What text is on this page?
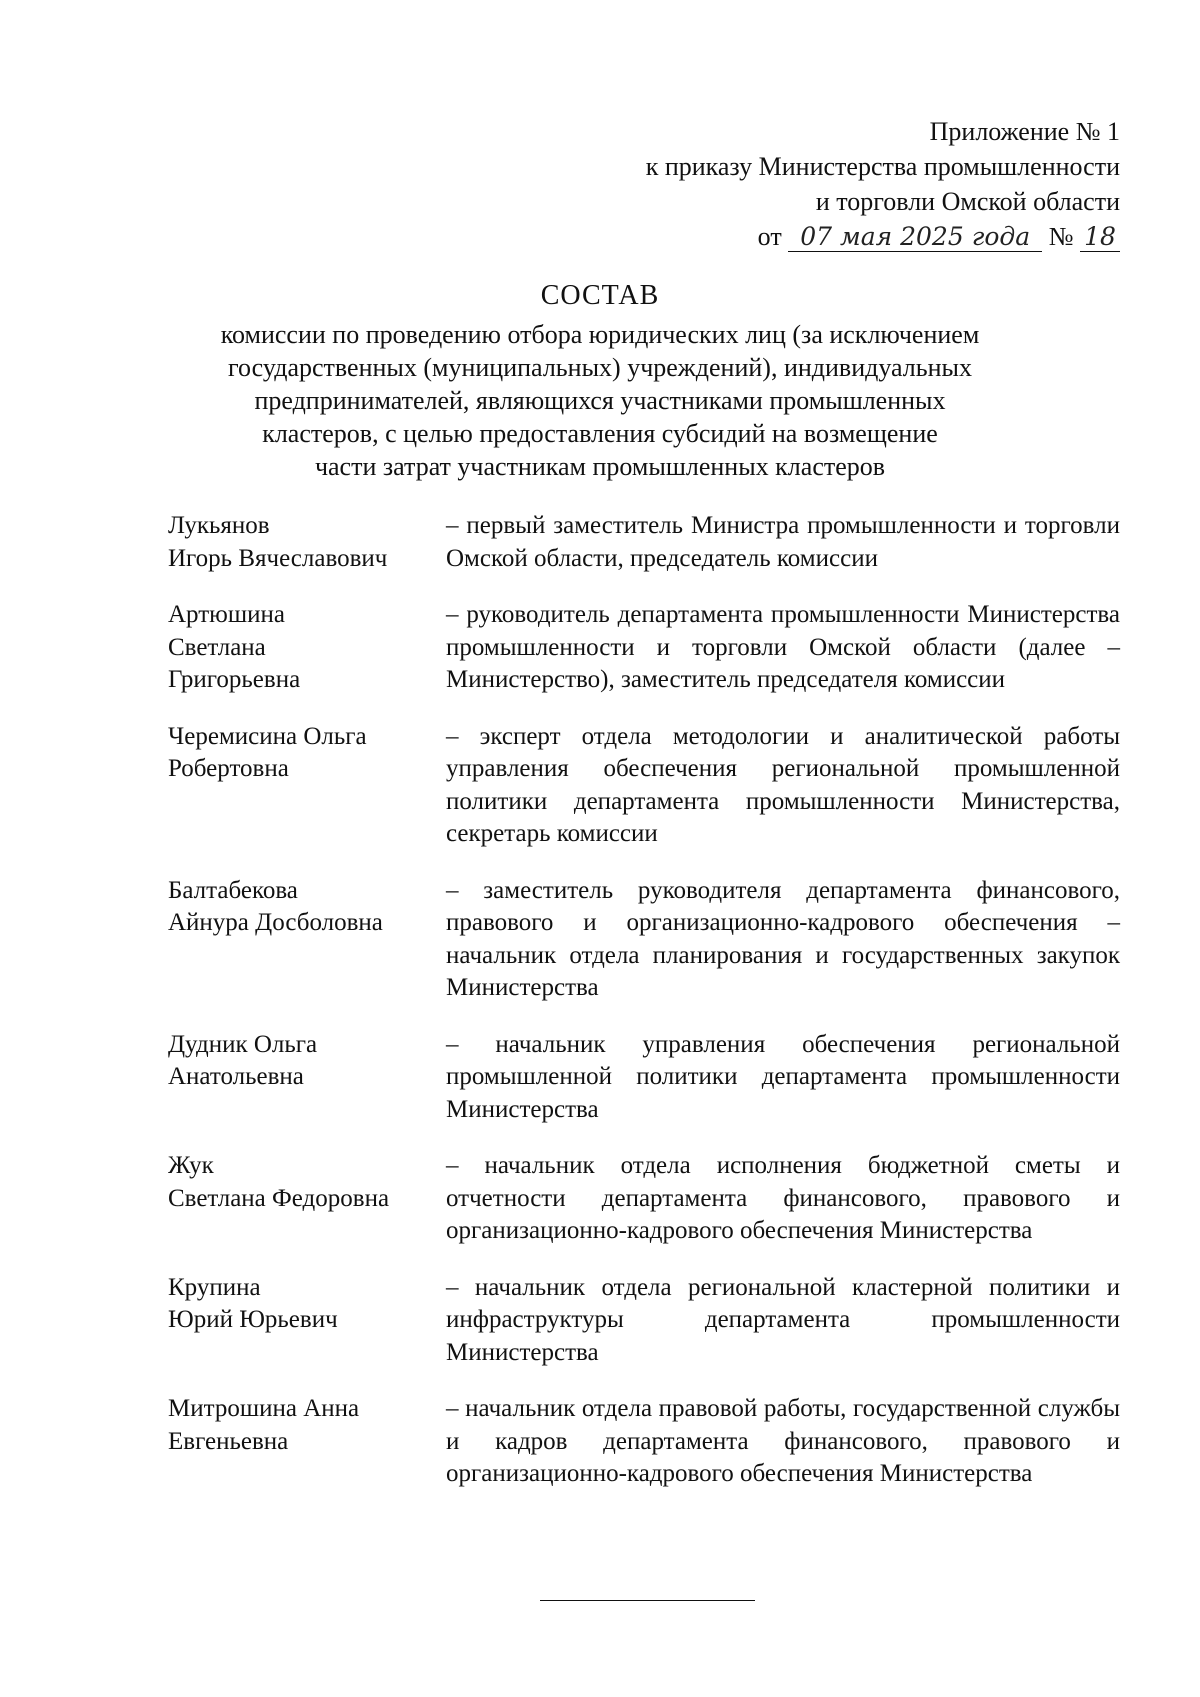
Приложение № 1
к приказу Министерства промышленности
и торговли Омской области
от 07 мая 2025 года № 18
СОСТАВ
комиссии по проведению отбора юридических лиц (за исключением
государственных (муниципальных) учреждений), индивидуальных
предпринимателей, являющихся участниками промышленных
кластеров, с целью предоставления субсидий на возмещение
части затрат участникам промышленных кластеров
Лукьянов
Игорь Вячеславович
– первый заместитель Министра промышленности и торговли Омской области, председатель комиссии
Артюшина
Светлана
Григорьевна
– руководитель департамента промышленности Министерства промышленности и торговли Омской области (далее – Министерство), заместитель председателя комиссии
Черемисина Ольга
Робертовна
– эксперт отдела методологии и аналитической работы управления обеспечения региональной промышленной политики департамента промышленности Министерства, секретарь комиссии
Балтабекова
Айнура Досболовна
– заместитель руководителя департамента финансового, правового и организационно-кадрового обеспечения – начальник отдела планирования и государственных закупок Министерства
Дудник Ольга
Анатольевна
– начальник управления обеспечения региональной промышленной политики департамента промышленности Министерства
Жук
Светлана Федоровна
– начальник отдела исполнения бюджетной сметы и отчетности департамента финансового, правового и организационно-кадрового обеспечения Министерства
Крупина
Юрий Юрьевич
– начальник отдела региональной кластерной политики и инфраструктуры департамента промышленности Министерства
Митрошина Анна
Евгеньевна
– начальник отдела правовой работы, государственной службы и кадров департамента финансового, правового и организационно-кадрового обеспечения Министерства
